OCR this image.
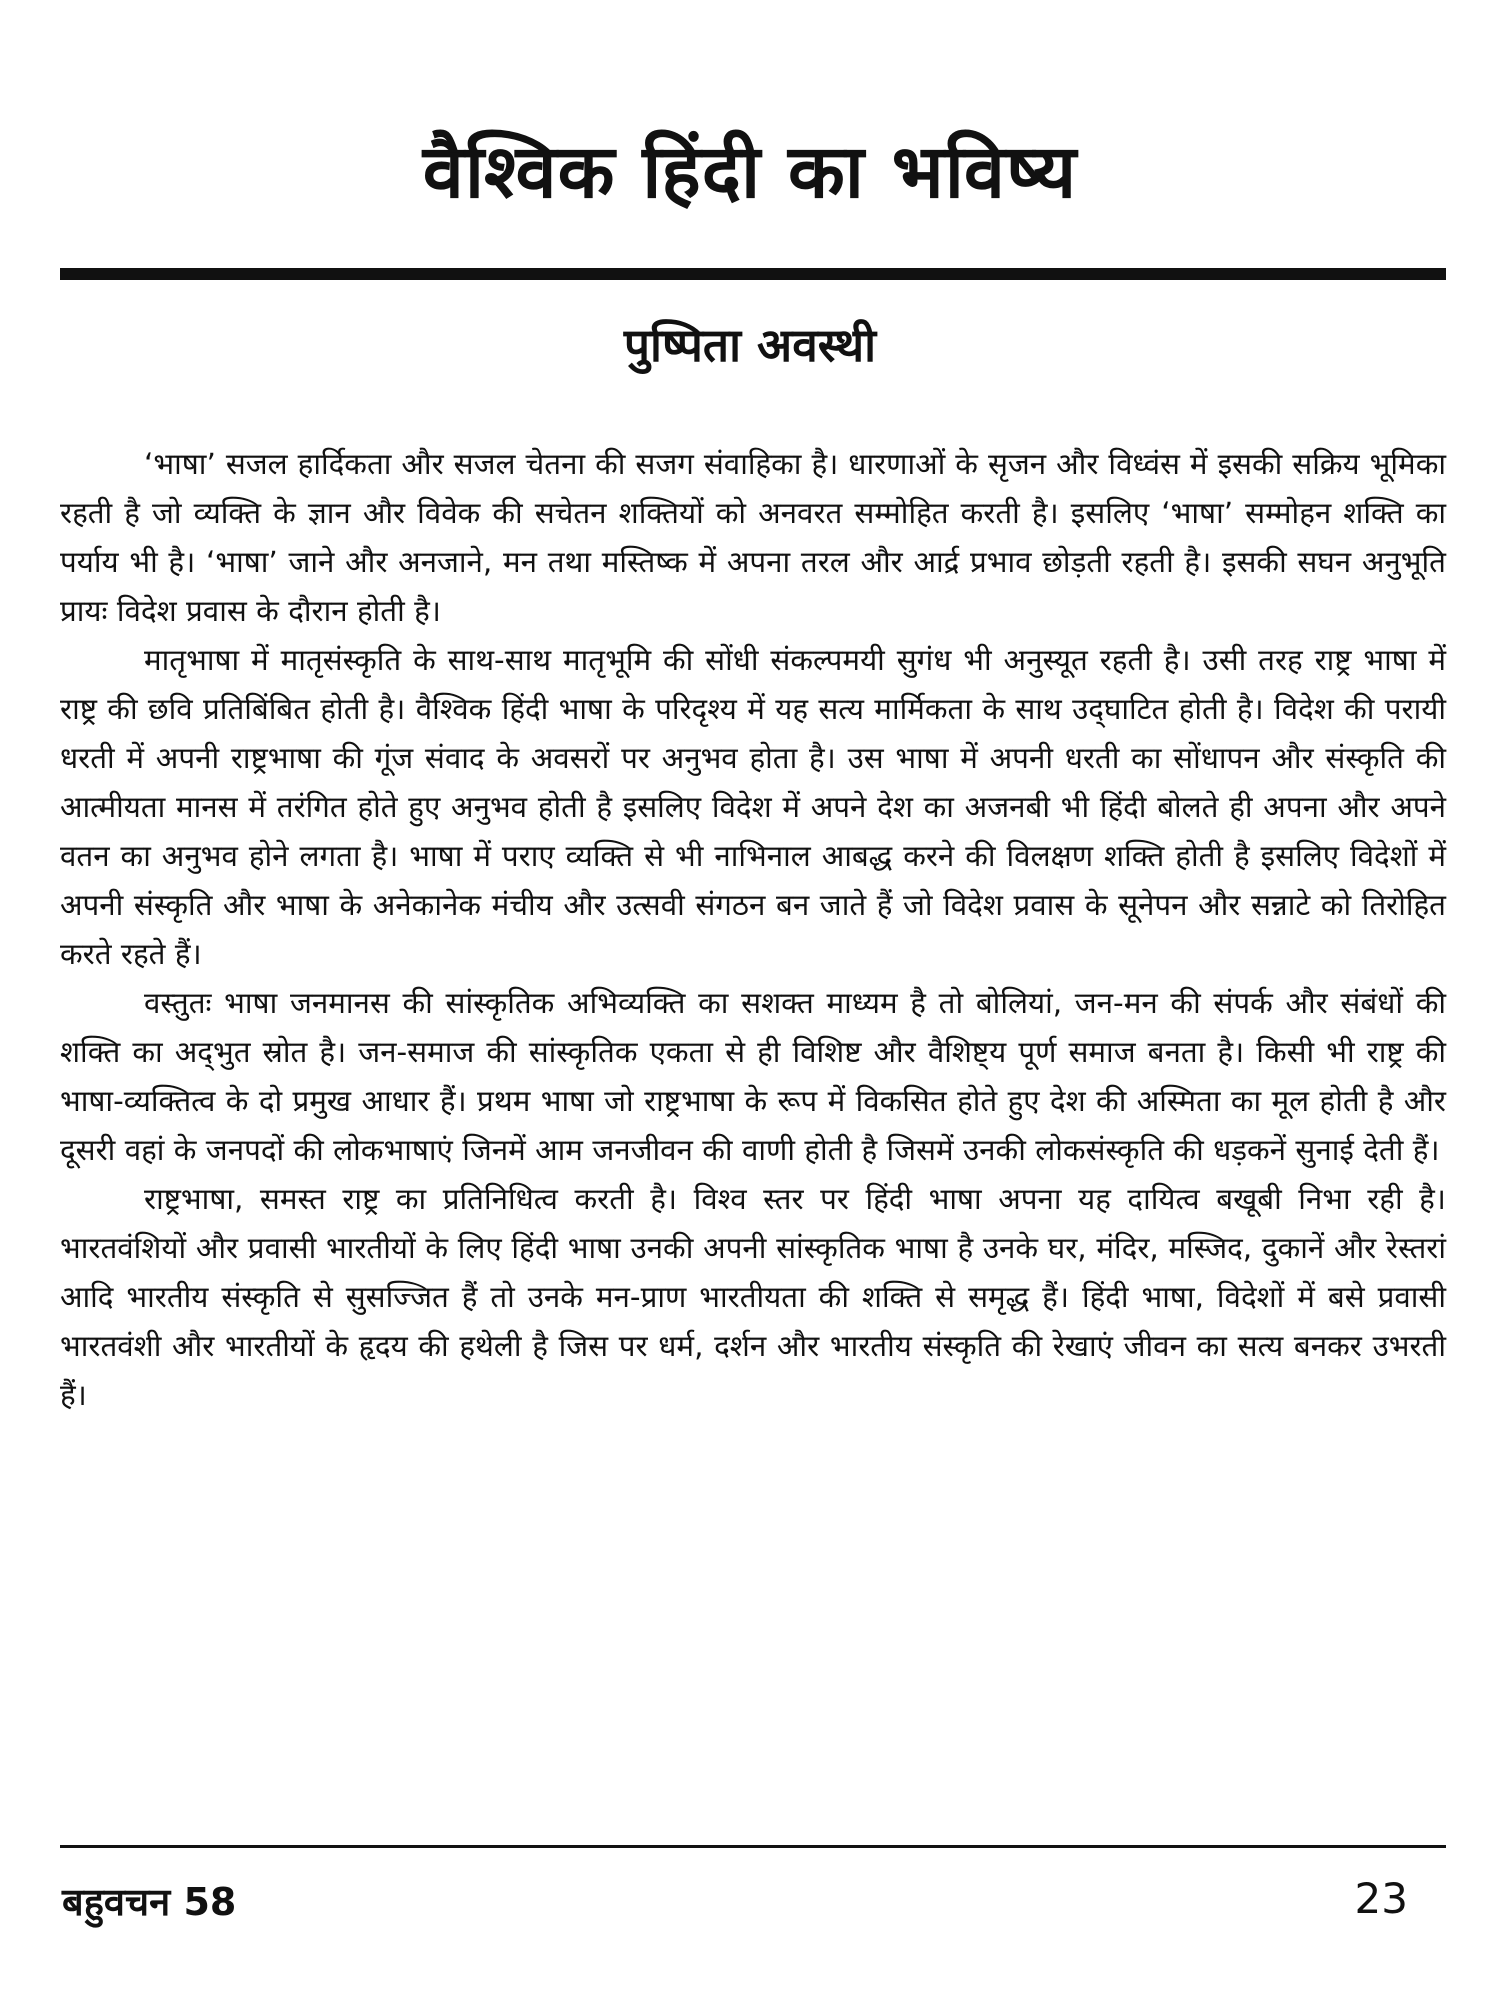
वैश्विक हिंदी का भविष्य
पुष्पिता अवस्थी

‘भाषा’ सजल हार्दिकता और सजल चेतना की सजग संवाहिका है। धारणाओं के सृजन और विध्वंस में इसकी सक्रिय भूमिका रहती है जो व्यक्ति के ज्ञान और विवेक की सचेतन शक्तियों को अनवरत सम्मोहित करती है। इसलिए ‘भाषा’ सम्मोहन शक्ति का पर्याय भी है। ‘भाषा’ जाने और अनजाने, मन तथा मस्तिष्क में अपना तरल और आर्द्र प्रभाव छोड़ती रहती है। इसकी सघन अनुभूति प्रायः विदेश प्रवास के दौरान होती है।

मातृभाषा में मातृसंस्कृति के साथ-साथ मातृभूमि की सोंधी संकल्पमयी सुगंध भी अनुस्यूत रहती है। उसी तरह राष्ट्र भाषा में राष्ट्र की छवि प्रतिबिंबित होती है। वैश्विक हिंदी भाषा के परिदृश्य में यह सत्य मार्मिकता के साथ उद्‌घाटित होती है। विदेश की परायी धरती में अपनी राष्ट्रभाषा की गूंज संवाद के अवसरों पर अनुभव होता है। उस भाषा में अपनी धरती का सोंधापन और संस्कृति की आत्मीयता मानस में तरंगित होते हुए अनुभव होती है इसलिए विदेश में अपने देश का अजनबी भी हिंदी बोलते ही अपना और अपने वतन का अनुभव होने लगता है। भाषा में पराए व्यक्ति से भी नाभिनाल आबद्ध करने की विलक्षण शक्ति होती है इसलिए विदेशों में अपनी संस्कृति और भाषा के अनेकानेक मंचीय और उत्सवी संगठन बन जाते हैं जो विदेश प्रवास के सूनेपन और सन्नाटे को तिरोहित करते रहते हैं।

वस्तुतः भाषा जनमानस की सांस्कृतिक अभिव्यक्ति का सशक्त माध्यम है तो बोलियां, जन-मन की संपर्क और संबंधों की शक्ति का अद्‌भुत स्रोत है। जन-समाज की सांस्कृतिक एकता से ही विशिष्ट और वैशिष्ट्य पूर्ण समाज बनता है। किसी भी राष्ट्र की भाषा-व्यक्तित्व के दो प्रमुख आधार हैं। प्रथम भाषा जो राष्ट्रभाषा के रूप में विकसित होते हुए देश की अस्मिता का मूल होती है और दूसरी वहां के जनपदों की लोकभाषाएं जिनमें आम जनजीवन की वाणी होती है जिसमें उनकी लोकसंस्कृति की धड़कनें सुनाई देती हैं।

राष्ट्रभाषा, समस्त राष्ट्र का प्रतिनिधित्व करती है। विश्व स्तर पर हिंदी भाषा अपना यह दायित्व बखूबी निभा रही है। भारतवंशियों और प्रवासी भारतीयों के लिए हिंदी भाषा उनकी अपनी सांस्कृतिक भाषा है उनके घर, मंदिर, मस्जिद, दुकानें और रेस्तरां आदि भारतीय संस्कृति से सुसज्जित हैं तो उनके मन-प्राण भारतीयता की शक्ति से समृद्ध हैं। हिंदी भाषा, विदेशों में बसे प्रवासी भारतवंशी और भारतीयों के हृदय की हथेली है जिस पर धर्म, दर्शन और भारतीय संस्कृति की रेखाएं जीवन का सत्य बनकर उभरती हैं।

बहुवचन 58	23
